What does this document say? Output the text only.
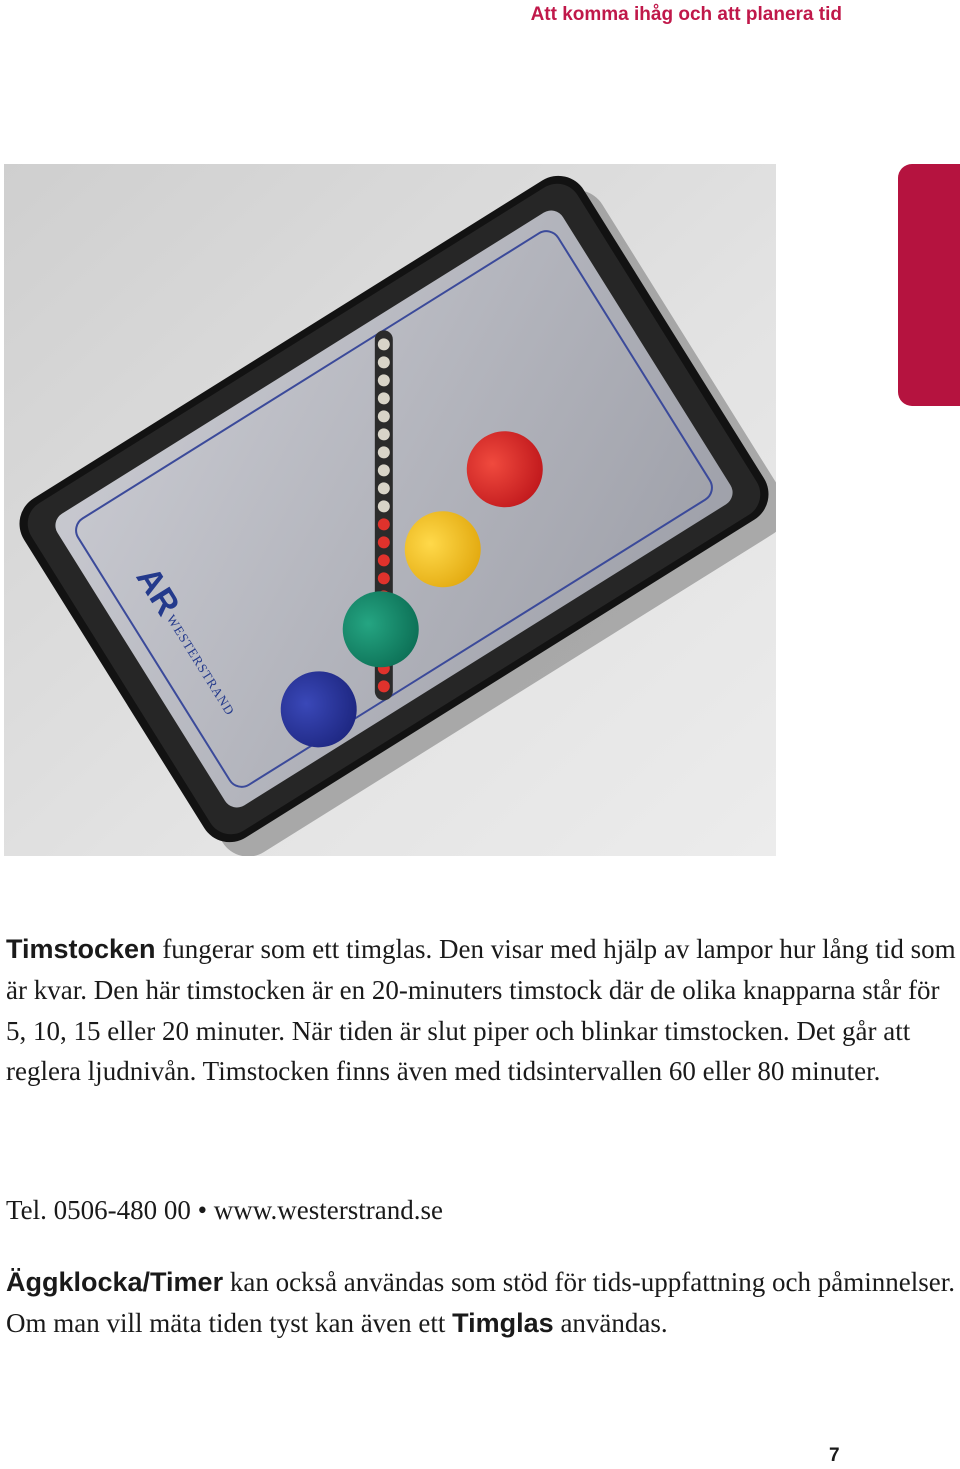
Att komma ihåg och att planera tid
AR
WESTERSTRAND

Timstocken fungerar som ett timglas. Den visar med hjälp av lampor hur lång tid som är kvar. Den här timstocken är en 20-minuters timstock där de olika knapparna står för 5, 10, 15 eller 20 minuter. När tiden är slut piper och blinkar timstocken. Det går att reglera ljudnivån. Timstocken finns även med tidsintervallen 60 eller 80 minuter.

Tel. 0506-480 00 • www.westerstrand.se

Äggklocka/Timer kan också användas som stöd för tids-uppfattning och påminnelser. Om man vill mäta tiden tyst kan även ett Timglas användas.

7
